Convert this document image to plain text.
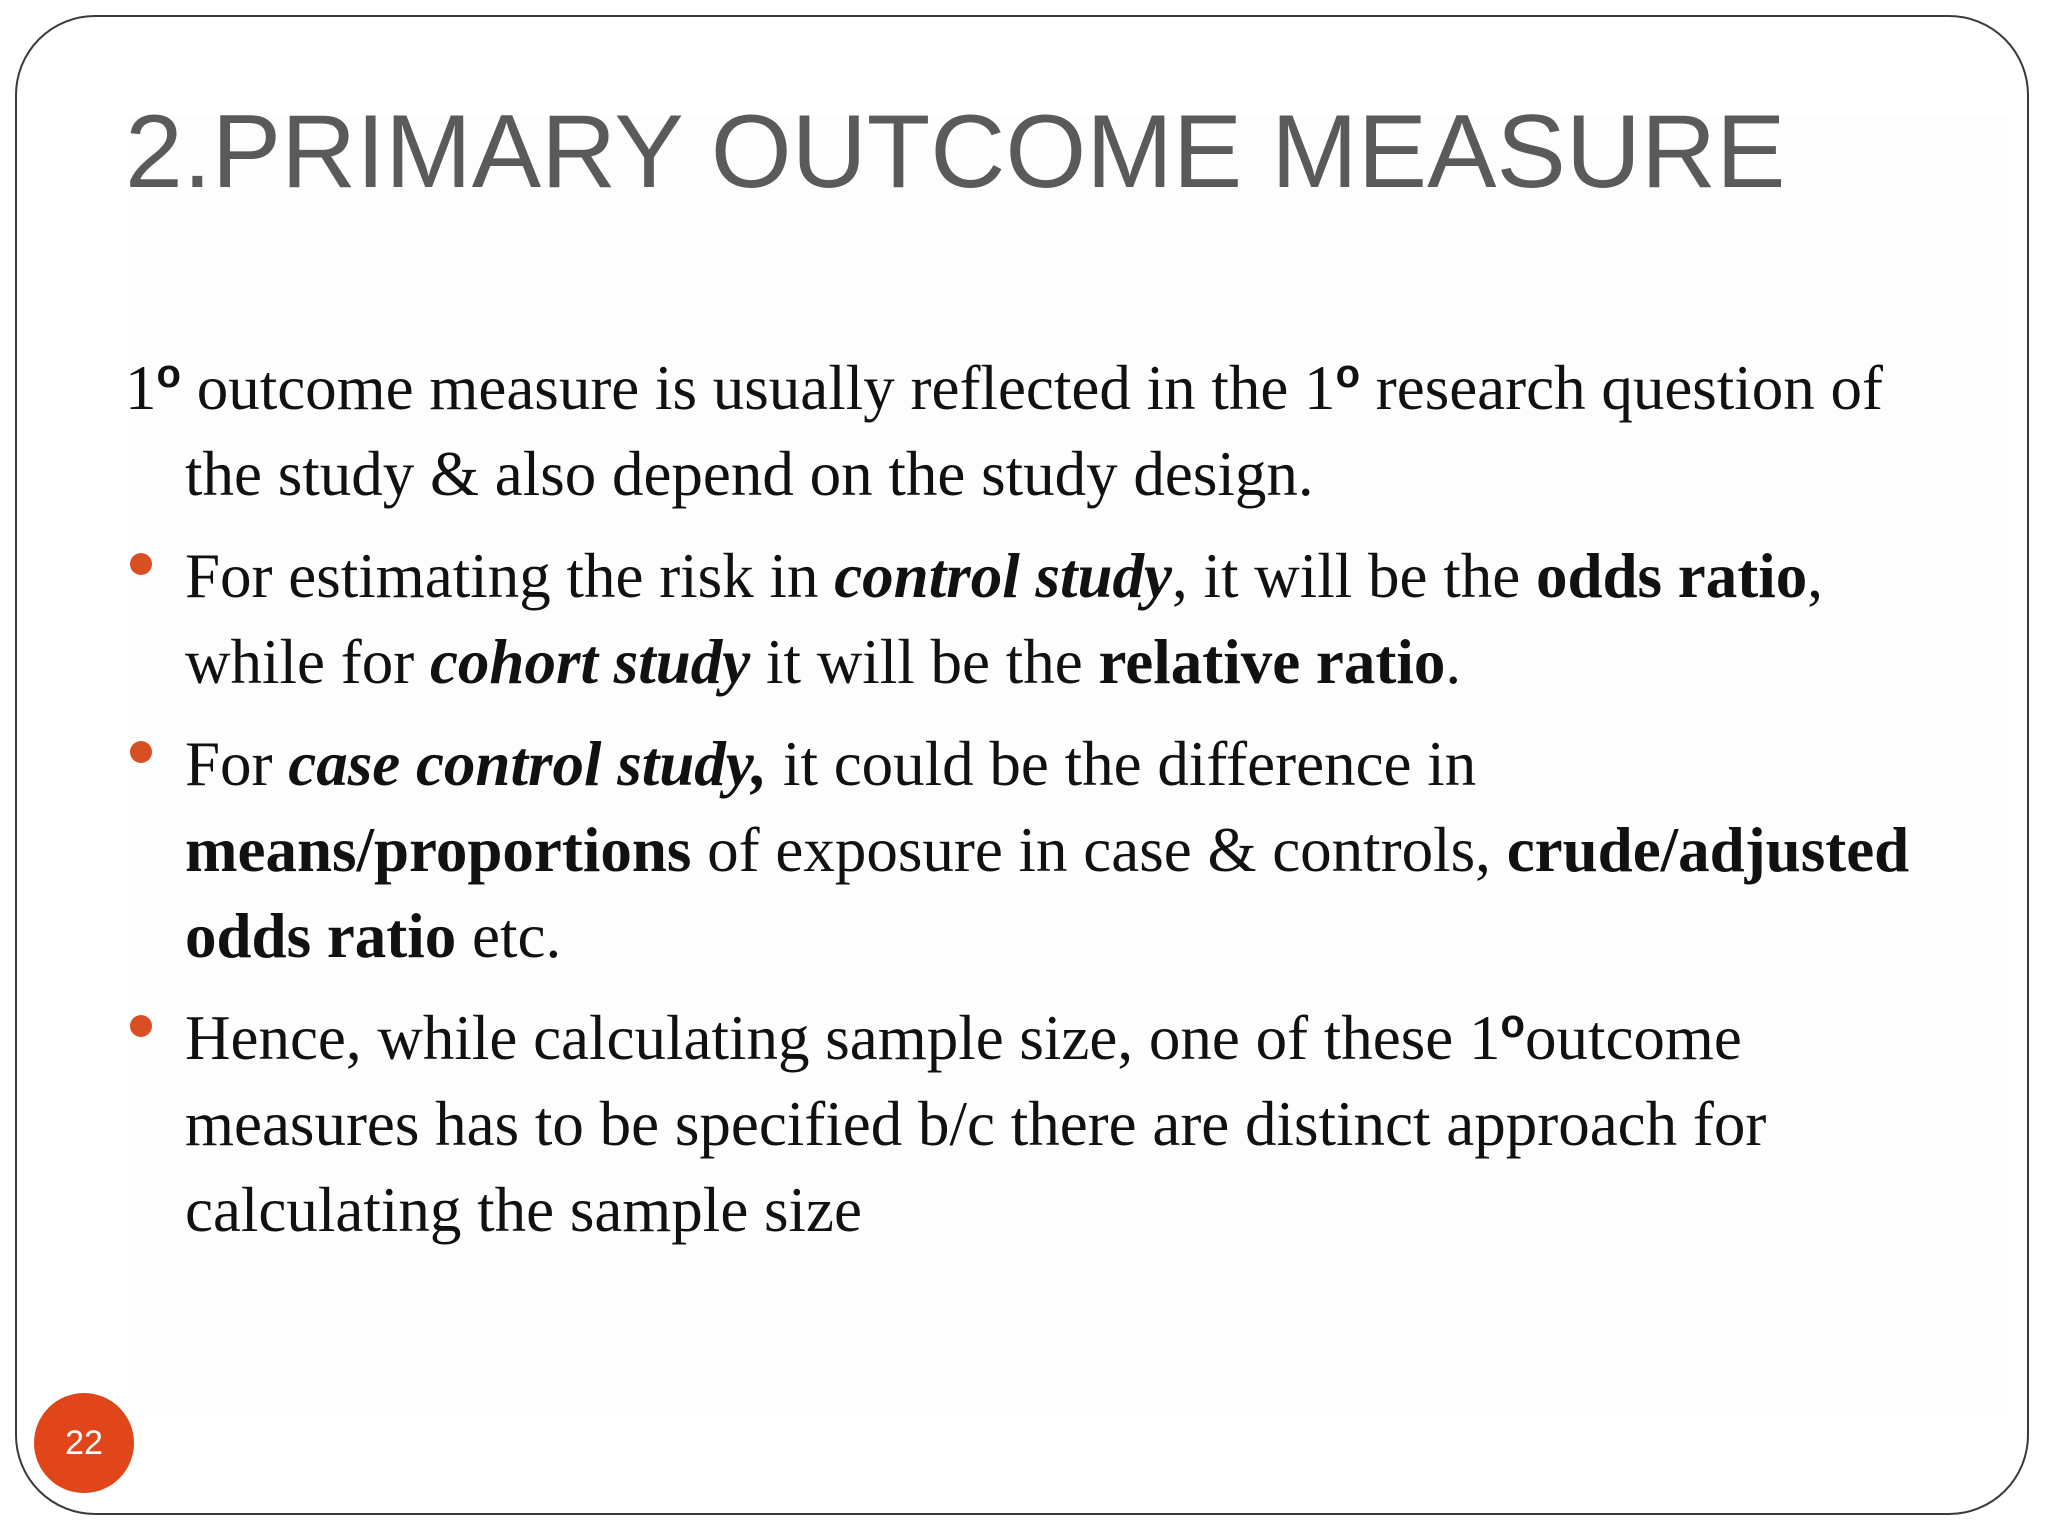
2.PRIMARY OUTCOME MEASURE

1$^o$ outcome measure is usually reflected in the 1$^o$ research question of the study & also depend on the study design.

For estimating the risk in control study, it will be the odds ratio, while for cohort study it will be the relative ratio.
For case control study, it could be the difference in means/proportions of exposure in case & controls, crude/adjusted odds ratio etc.
Hence, while calculating sample size, one of these 1$^o$outcome measures has to be specified b/c there are distinct approach for calculating the sample size
22
